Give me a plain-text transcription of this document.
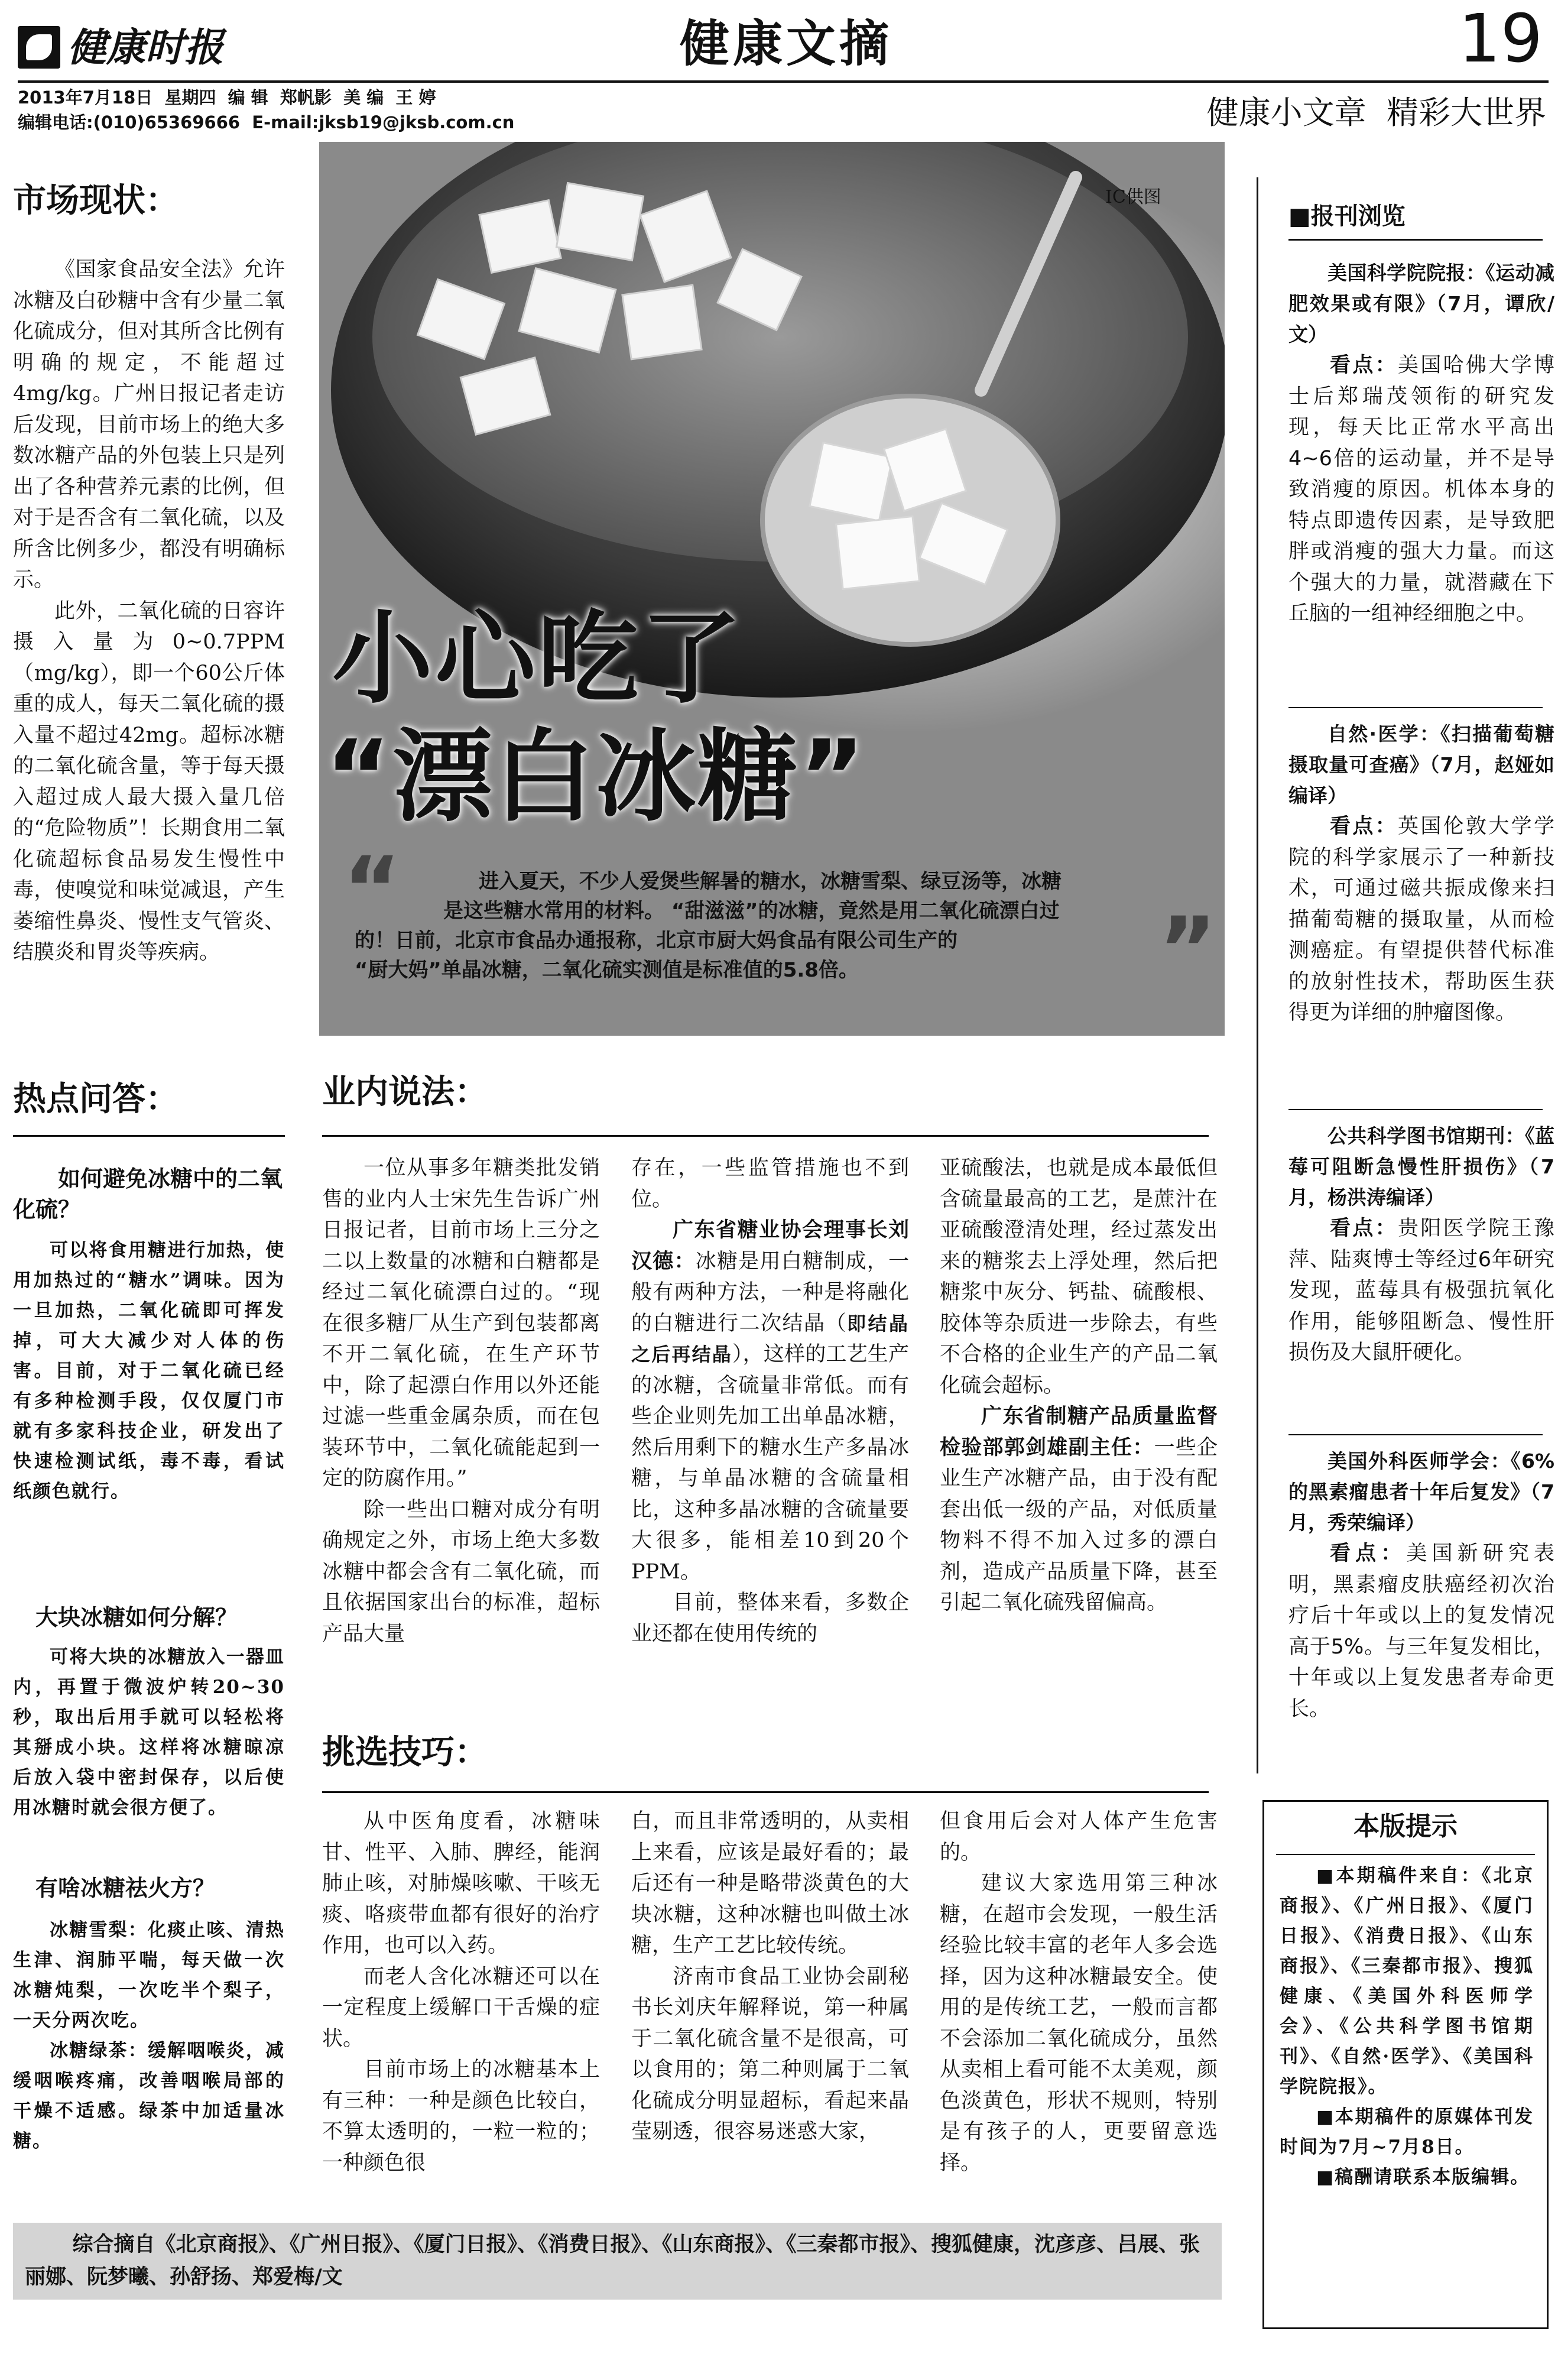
健康时报	健康文摘	19
2013年7月18日  星期四  编 辑  郑帆影  美 编  王 婷
编辑电话:(010)65369666  E-mail:jksb19@jksb.com.cn	健康小文章  精彩大世界
IC供图
小心吃了
“漂白冰糖”
“
”
进入夏天，不少人爱煲些解暑的糖水，冰糖雪梨、绿豆汤等，冰糖
是这些糖水常用的材料。 “甜滋滋”的冰糖，竟然是用二氧化硫漂白过
的！日前，北京市食品办通报称，北京市厨大妈食品有限公司生产的
“厨大妈”单晶冰糖，二氧化硫实测值是标准值的5.8倍。
市场现状：

《国家食品安全法》允许冰糖及白砂糖中含有少量二氧化硫成分，但对其所含比例有明确的规定，不能超过4mg/kg。广州日报记者走访后发现，目前市场上的绝大多数冰糖产品的外包装上只是列出了各种营养元素的比例，但对于是否含有二氧化硫，以及所含比例多少，都没有明确标示。

此外，二氧化硫的日容许摄入量为0~0.7PPM（mg/kg），即一个60公斤体重的成人，每天二氧化硫的摄入量不超过42mg。超标冰糖的二氧化硫含量，等于每天摄入超过成人最大摄入量几倍的“危险物质”！长期食用二氧化硫超标食品易发生慢性中毒，使嗅觉和味觉减退，产生萎缩性鼻炎、慢性支气管炎、结膜炎和胃炎等疾病。

热点问答：

如何避免冰糖中的二氧化硫？

可以将食用糖进行加热，使用加热过的“糖水”调味。因为一旦加热，二氧化硫即可挥发掉，可大大减少对人体的伤害。目前，对于二氧化硫已经有多种检测手段，仅仅厦门市就有多家科技企业，研发出了快速检测试纸，毒不毒，看试纸颜色就行。

大块冰糖如何分解？

可将大块的冰糖放入一器皿内，再置于微波炉转20~30秒，取出后用手就可以轻松将其掰成小块。这样将冰糖晾凉后放入袋中密封保存，以后使用冰糖时就会很方便了。

有啥冰糖祛火方？

冰糖雪梨：化痰止咳、清热生津、润肺平喘，每天做一次冰糖炖梨，一次吃半个梨子，一天分两次吃。

冰糖绿茶：缓解咽喉炎，减缓咽喉疼痛，改善咽喉局部的干燥不适感。绿茶中加适量冰糖。

业内说法：

一位从事多年糖类批发销售的业内人士宋先生告诉广州日报记者，目前市场上三分之二以上数量的冰糖和白糖都是经过二氧化硫漂白过的。“现在很多糖厂从生产到包装都离不开二氧化硫，在生产环节中，除了起漂白作用以外还能过滤一些重金属杂质，而在包装环节中，二氧化硫能起到一定的防腐作用。”

除一些出口糖对成分有明确规定之外，市场上绝大多数冰糖中都会含有二氧化硫，而且依据国家出台的标准，超标产品大量

存在，一些监管措施也不到位。

广东省糖业协会理事长刘汉德：冰糖是用白糖制成，一般有两种方法，一种是将融化的白糖进行二次结晶（即结晶之后再结晶），这样的工艺生产的冰糖，含硫量非常低。而有些企业则先加工出单晶冰糖，然后用剩下的糖水生产多晶冰糖，与单晶冰糖的含硫量相比，这种多晶冰糖的含硫量要大很多，能相差10到20个PPM。

目前，整体来看，多数企业还都在使用传统的

亚硫酸法，也就是成本最低但含硫量最高的工艺，是蔗汁在亚硫酸澄清处理，经过蒸发出来的糖浆去上浮处理，然后把糖浆中灰分、钙盐、硫酸根、胶体等杂质进一步除去，有些不合格的企业生产的产品二氧化硫会超标。

广东省制糖产品质量监督检验部郭剑雄副主任：一些企业生产冰糖产品，由于没有配套出低一级的产品，对低质量物料不得不加入过多的漂白剂，造成产品质量下降，甚至引起二氧化硫残留偏高。

挑选技巧：

从中医角度看，冰糖味甘、性平、入肺、脾经，能润肺止咳，对肺燥咳嗽、干咳无痰、咯痰带血都有很好的治疗作用，也可以入药。

而老人含化冰糖还可以在一定程度上缓解口干舌燥的症状。

目前市场上的冰糖基本上有三种：一种是颜色比较白，不算太透明的，一粒一粒的；一种颜色很

白，而且非常透明的，从卖相上来看，应该是最好看的；最后还有一种是略带淡黄色的大块冰糖，这种冰糖也叫做土冰糖，生产工艺比较传统。

济南市食品工业协会副秘书长刘庆年解释说，第一种属于二氧化硫含量不是很高，可以食用的；第二种则属于二氧化硫成分明显超标，看起来晶莹剔透，很容易迷惑大家，

但食用后会对人体产生危害的。

建议大家选用第三种冰糖，在超市会发现，一般生活经验比较丰富的老年人多会选择，因为这种冰糖最安全。使用的是传统工艺，一般而言都不会添加二氧化硫成分，虽然从卖相上看可能不太美观，颜色淡黄色，形状不规则，特别是有孩子的人，更要留意选择。

综合摘自《北京商报》、《广州日报》、《厦门日报》、《消费日报》、《山东商报》、《三秦都市报》、搜狐健康，沈彦彦、吕展、张丽娜、阮梦曦、孙舒扬、郑爱梅/文

■报刊浏览

美国科学院院报：《运动减肥效果或有限》（7月，谭欣/文）

看点：美国哈佛大学博士后郑瑞茂领衔的研究发现，每天比正常水平高出4~6倍的运动量，并不是导致消瘦的原因。机体本身的特点即遗传因素，是导致肥胖或消瘦的强大力量。而这个强大的力量，就潜藏在下丘脑的一组神经细胞之中。

自然·医学：《扫描葡萄糖摄取量可查癌》（7月，赵娅如编译）

看点：英国伦敦大学学院的科学家展示了一种新技术，可通过磁共振成像来扫描葡萄糖的摄取量，从而检测癌症。有望提供替代标准的放射性技术，帮助医生获得更为详细的肿瘤图像。

公共科学图书馆期刊：《蓝莓可阻断急慢性肝损伤》（7月，杨洪涛编译）

看点：贵阳医学院王豫萍、陆爽博士等经过6年研究发现，蓝莓具有极强抗氧化作用，能够阻断急、慢性肝损伤及大鼠肝硬化。

美国外科医师学会：《6%的黑素瘤患者十年后复发》（7月，秀荣编译）

看点：美国新研究表明，黑素瘤皮肤癌经初次治疗后十年或以上的复发情况高于5%。与三年复发相比，十年或以上复发患者寿命更长。

本版提示

■本期稿件来自：《北京商报》、《广州日报》、《厦门日报》、《消费日报》、《山东商报》、《三秦都市报》、搜狐健康、《美国外科医师学会》、《公共科学图书馆期刊》、《自然·医学》、《美国科学院院报》。

■本期稿件的原媒体刊发时间为7月~7月8日。

■稿酬请联系本版编辑。
